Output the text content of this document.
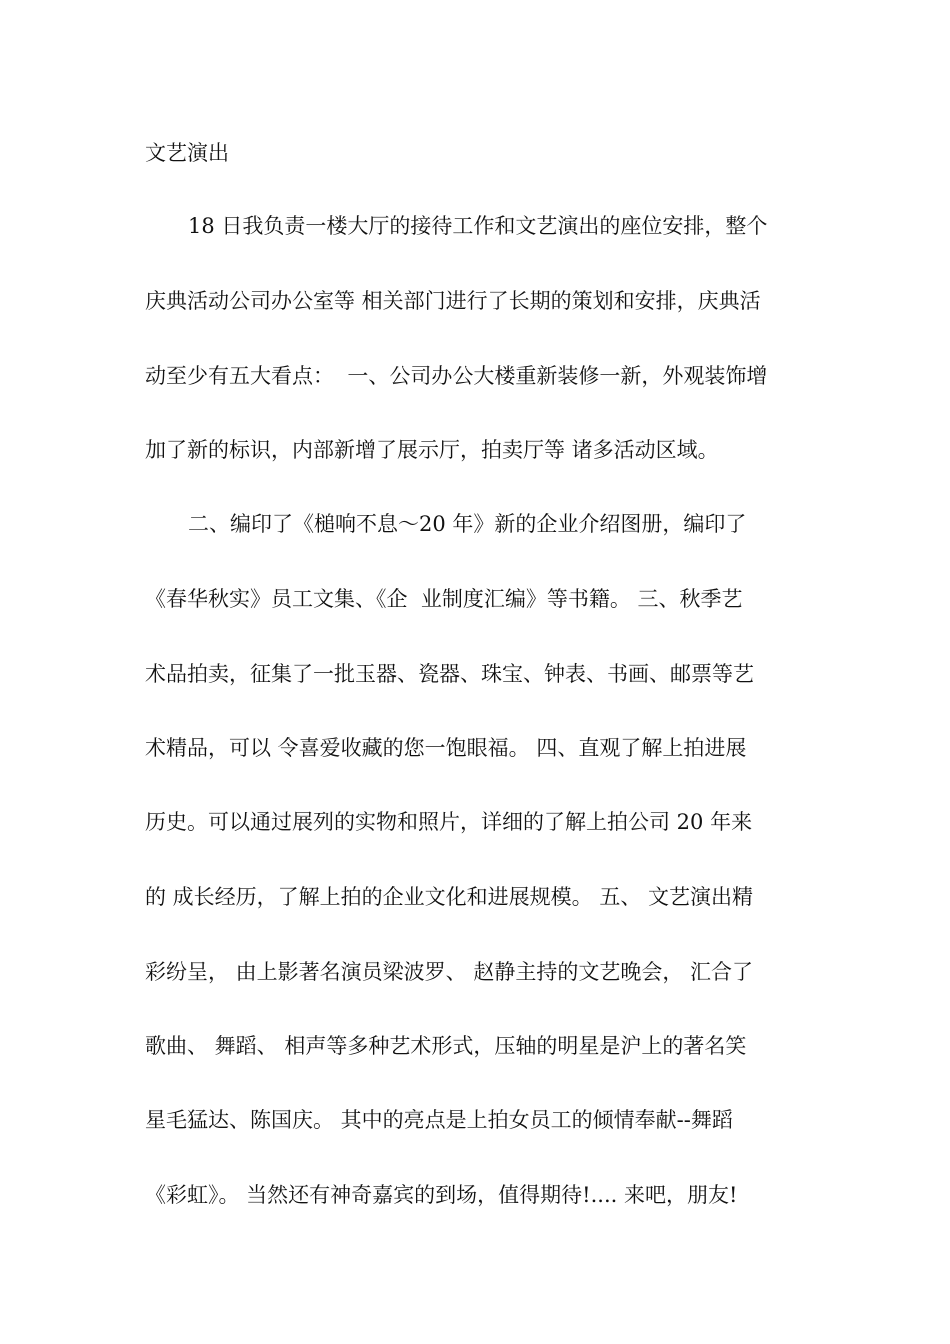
文艺演出
18 日我负责一楼大厅的接待工作和文艺演出的座位安排，整个
庆典活动公司办公室等 相关部门进行了长期的策划和安排，庆典活
动至少有五大看点：  一、公司办公大楼重新装修一新，外观装饰增
加了新的标识，内部新增了展示厅，拍卖厅等 诸多活动区域。
二、编印了《槌响不息～20 年》新的企业介绍图册，编印了
《春华秋实》员工文集、《企  业制度汇编》等书籍。 三、秋季艺
术品拍卖，征集了一批玉器、瓷器、珠宝、钟表、书画、邮票等艺
术精品，可以 令喜爱收藏的您一饱眼福。 四、直观了解上拍进展
历史。可以通过展列的实物和照片，详细的了解上拍公司 20 年来
的 成长经历，了解上拍的企业文化和进展规模。 五、 文艺演出精
彩纷呈， 由上影著名演员梁波罗、 赵静主持的文艺晚会， 汇合了
歌曲、 舞蹈、 相声等多种艺术形式，压轴的明星是沪上的著名笑
星毛猛达、陈国庆。 其中的亮点是上拍女员工的倾情奉献--舞蹈
《彩虹》。 当然还有神奇嘉宾的到场，值得期待!.... 来吧，朋友!
